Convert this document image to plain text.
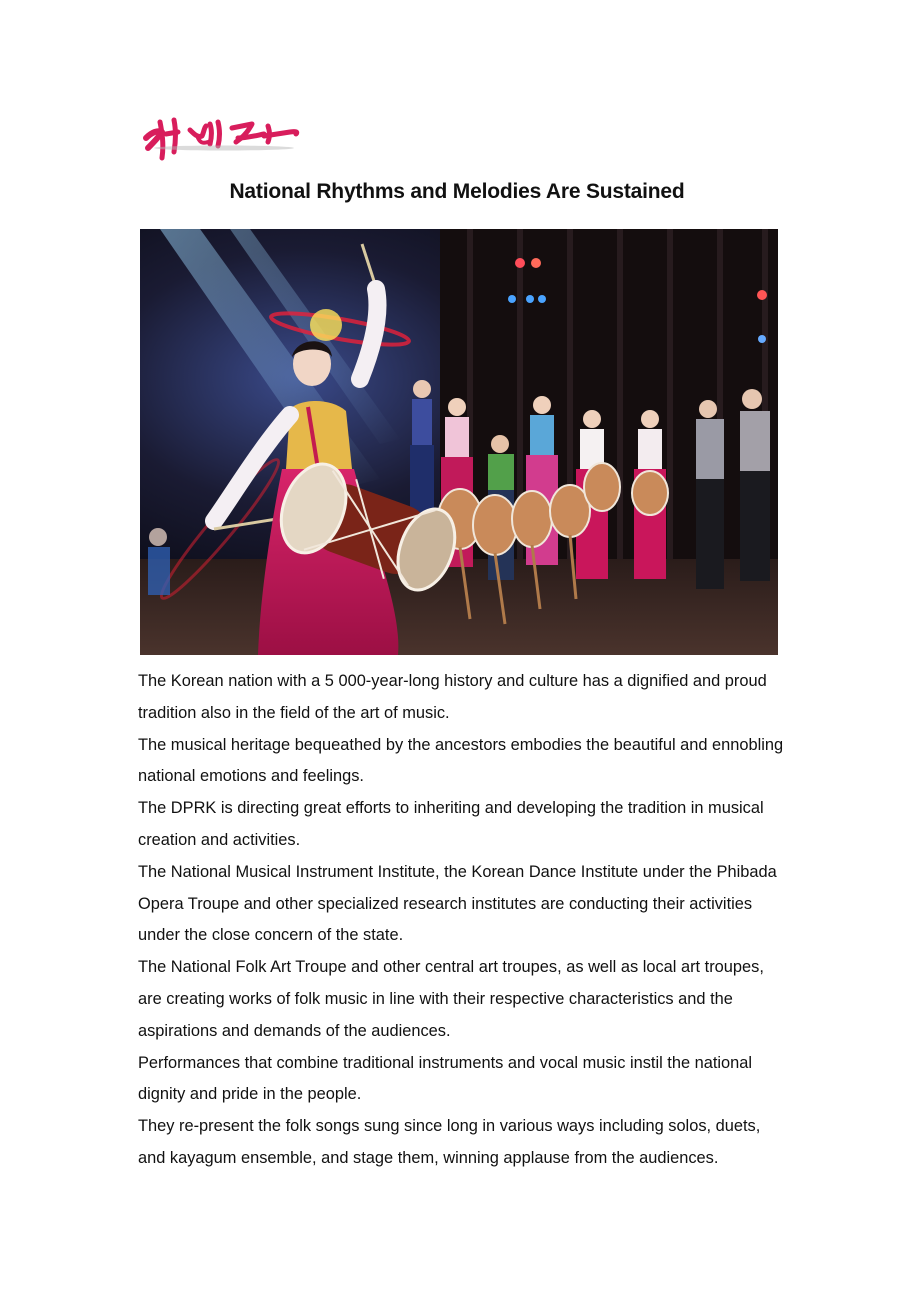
National Rhythms and Melodies Are Sustained

The Korean nation with a 5 000-year-long history and culture has a dignified and proud tradition also in the field of the art of music.

The musical heritage bequeathed by the ancestors embodies the beautiful and ennobling national emotions and feelings.

The DPRK is directing great efforts to inheriting and developing the tradition in musical creation and activities.

The National Musical Instrument Institute, the Korean Dance Institute under the Phibada Opera Troupe and other specialized research institutes are conducting their activities under the close concern of the state.

The National Folk Art Troupe and other central art troupes, as well as local art troupes, are creating works of folk music in line with their respective characteristics and the aspirations and demands of the audiences.

Performances that combine traditional instruments and vocal music instil the national dignity and pride in the people.

They re-present the folk songs sung since long in various ways including solos, duets, and kayagum ensemble, and stage them, winning applause from the audiences.
